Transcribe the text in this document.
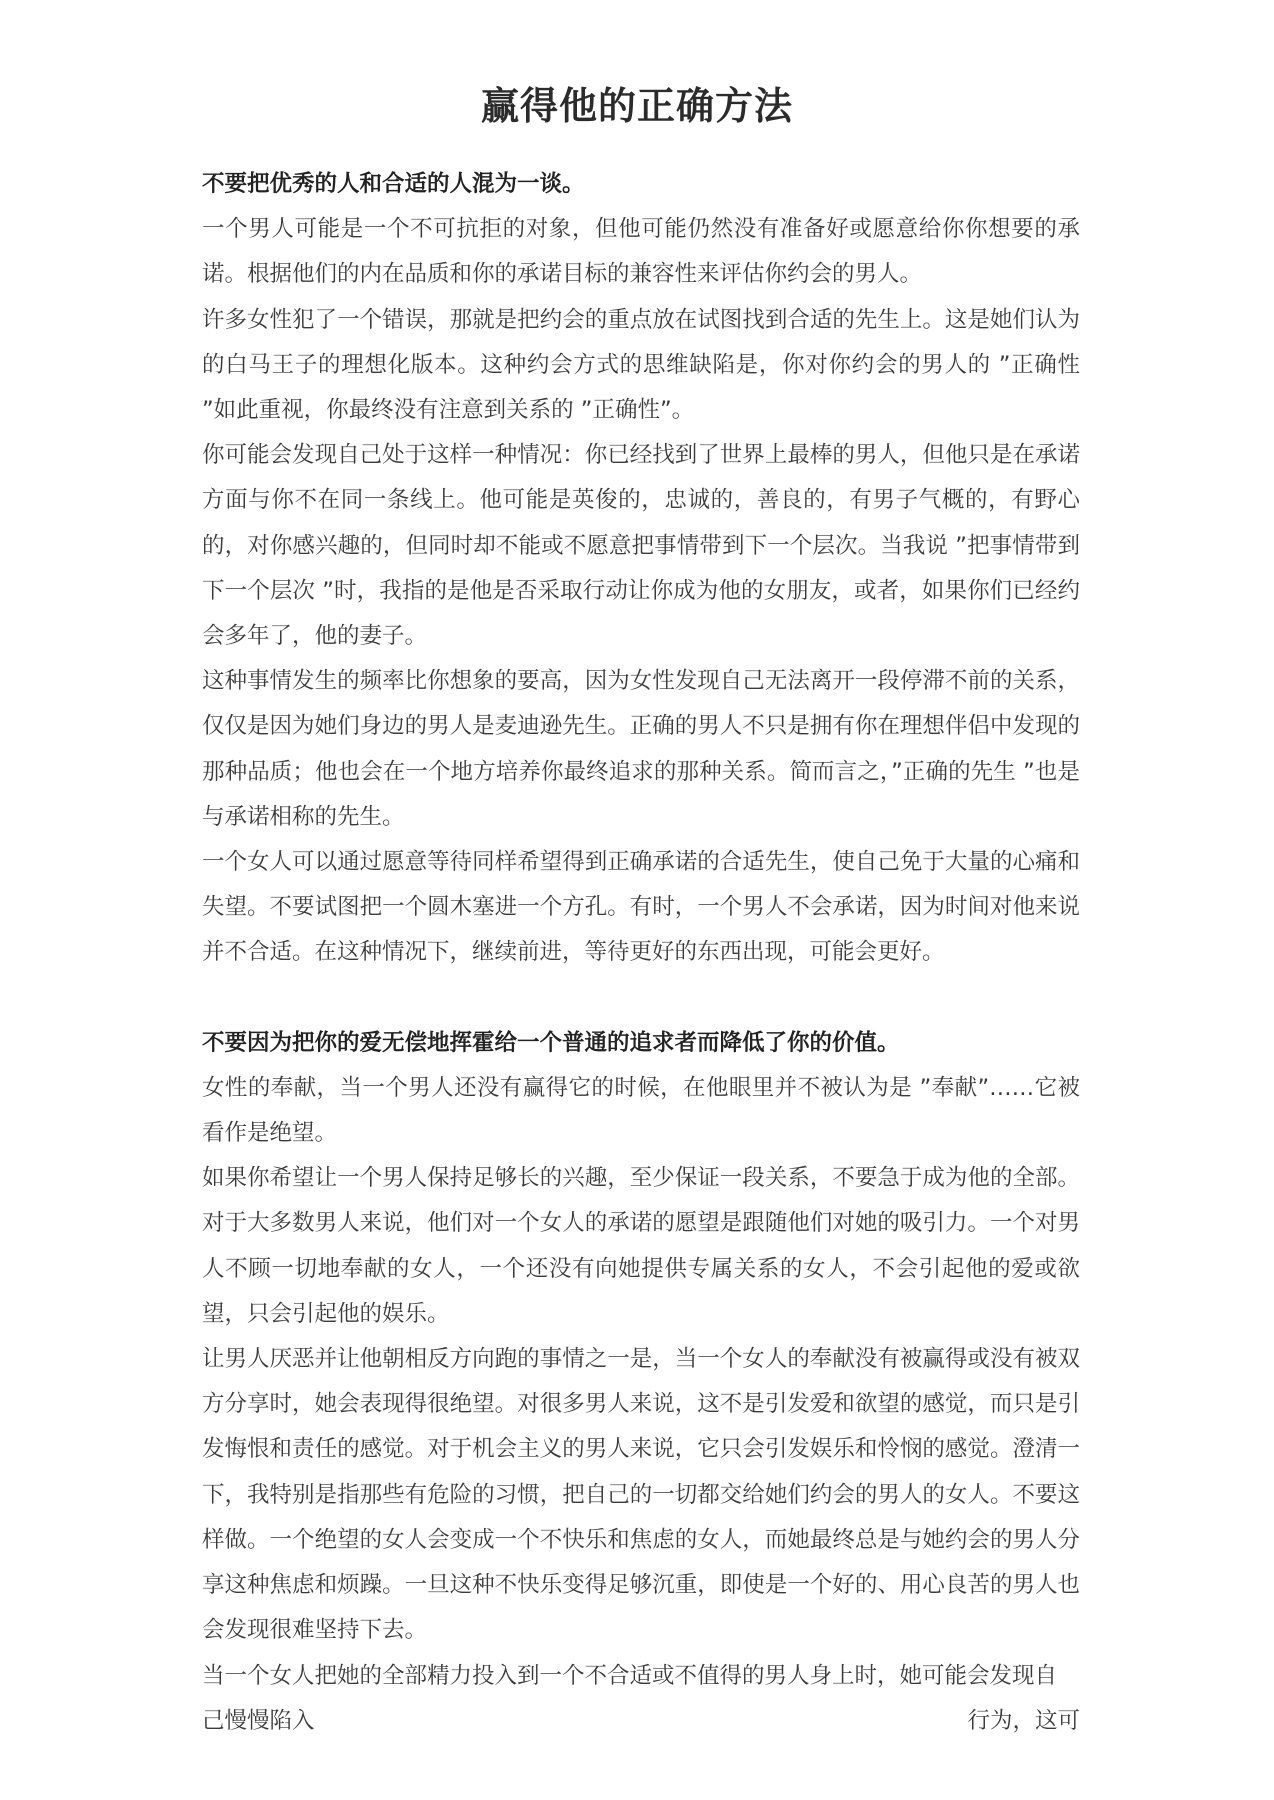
赢得他的正确方法

不要把优秀的人和合适的人混为一谈。

一个男人可能是一个不可抗拒的对象，但他可能仍然没有准备好或愿意给你你想要的承诺。根据他们的内在品质和你的承诺目标的兼容性来评估你约会的男人。

许多女性犯了一个错误，那就是把约会的重点放在试图找到合适的先生上。这是她们认为的白马王子的理想化版本。这种约会方式的思维缺陷是，你对你约会的男人的 ”正确性 ”如此重视，你最终没有注意到关系的 ”正确性”。

你可能会发现自己处于这样一种情况：你已经找到了世界上最棒的男人，但他只是在承诺方面与你不在同一条线上。他可能是英俊的，忠诚的，善良的，有男子气概的，有野心的，对你感兴趣的，但同时却不能或不愿意把事情带到下一个层次。当我说 ”把事情带到下一个层次 ”时，我指的是他是否采取行动让你成为他的女朋友，或者，如果你们已经约会多年了，他的妻子。

这种事情发生的频率比你想象的要高，因为女性发现自己无法离开一段停滞不前的关系，仅仅是因为她们身边的男人是麦迪逊先生。正确的男人不只是拥有你在理想伴侣中发现的那种品质；他也会在一个地方培养你最终追求的那种关系。简而言之，”正确的先生 ”也是与承诺相称的先生。

一个女人可以通过愿意等待同样希望得到正确承诺的合适先生，使自己免于大量的心痛和失望。不要试图把一个圆木塞进一个方孔。有时，一个男人不会承诺，因为时间对他来说并不合适。在这种情况下，继续前进，等待更好的东西出现，可能会更好。

不要因为把你的爱无偿地挥霍给一个普通的追求者而降低了你的价值。

女性的奉献，当一个男人还没有赢得它的时候，在他眼里并不被认为是 ”奉献”……它被看作是绝望。

如果你希望让一个男人保持足够长的兴趣，至少保证一段关系，不要急于成为他的全部。 对于大多数男人来说，他们对一个女人的承诺的愿望是跟随他们对她的吸引力。一个对男人不顾一切地奉献的女人，一个还没有向她提供专属关系的女人，不会引起他的爱或欲望，只会引起他的娱乐。

让男人厌恶并让他朝相反方向跑的事情之一是，当一个女人的奉献没有被赢得或没有被双方分享时，她会表现得很绝望。对很多男人来说，这不是引发爱和欲望的感觉，而只是引发悔恨和责任的感觉。对于机会主义的男人来说，它只会引发娱乐和怜悯的感觉。澄清一下，我特别是指那些有危险的习惯，把自己的一切都交给她们约会的男人的女人。不要这样做。一个绝望的女人会变成一个不快乐和焦虑的女人，而她最终总是与她约会的男人分享这种焦虑和烦躁。一旦这种不快乐变得足够沉重，即使是一个好的、用心良苦的男人也会发现很难坚持下去。

当一个女人把她的全部精力投入到一个不合适或不值得的男人身上时，她可能会发现自

己慢慢陷入	行为，这可
